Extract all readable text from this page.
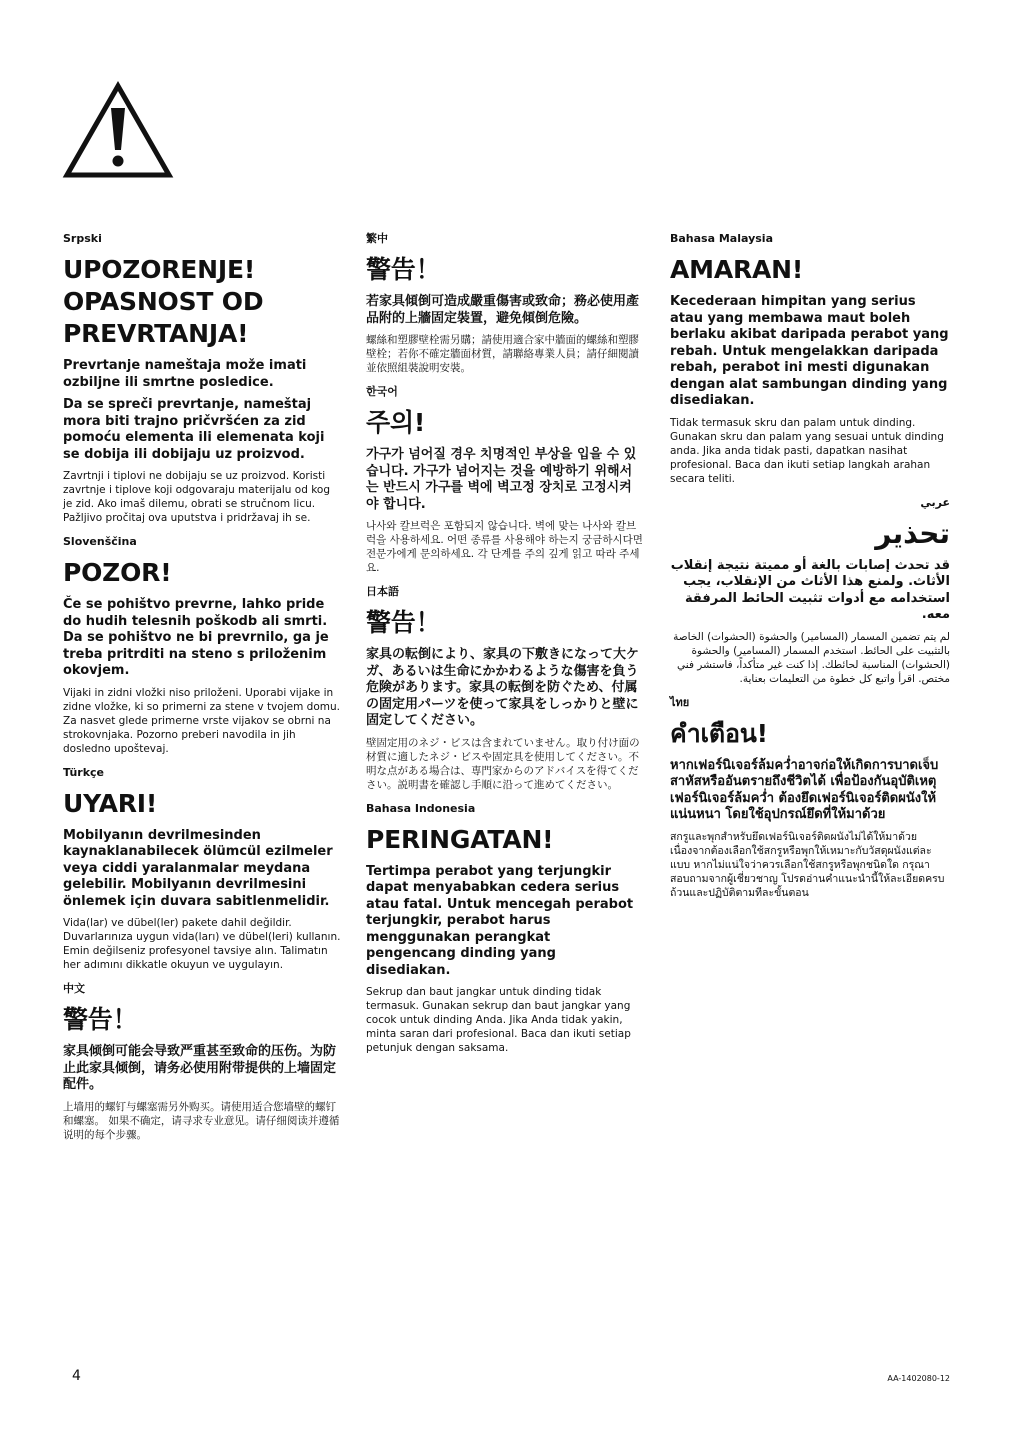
Srpski
UPOZORENJE! OPASNOST OD PREVRTANJA!
Prevrtanje nameštaja može imati ozbiljne ili smrtne posledice.
Da se spreči prevrtanje, nameštaj mora biti trajno pričvršćen za zid pomoću elementa ili elemenata koji se dobija ili dobijaju uz proizvod.
Zavrtnji i tiplovi ne dobijaju se uz proizvod. Koristi zavrtnje i tiplove koji odgovaraju materijalu od kog je zid. Ako imaš dilemu, obrati se stručnom licu. Pažljivo pročitaj ova uputstva i pridržavaj ih se.
Slovenščina
POZOR!
Če se pohištvo prevrne, lahko pride do hudih telesnih poškodb ali smrti. Da se pohištvo ne bi prevrnilo, ga je treba pritrditi na steno s priloženim okovjem.
Vijaki in zidni vložki niso priloženi. Uporabi vijake in zidne vložke, ki so primerni za stene v tvojem domu. Za nasvet glede primerne vrste vijakov se obrni na strokovnjaka. Pozorno preberi navodila in jih dosledno upoštevaj.
Türkçe
UYARI!
Mobilyanın devrilmesinden kaynaklanabilecek ölümcül ezilmeler veya ciddi yaralanmalar meydana gelebilir. Mobilyanın devrilmesini önlemek için duvara sabitlenmelidir.
Vida(lar) ve dübel(ler) pakete dahil değildir. Duvarlarınıza uygun vida(ları) ve dübel(leri) kullanın. Emin değilseniz profesyonel tavsiye alın. Talimatın her adımını dikkatle okuyun ve uygulayın.
中文
警告！
家具倾倒可能会导致严重甚至致命的压伤。为防止此家具倾倒，请务必使用附带提供的上墙固定配件。
上墙用的螺钉与螺塞需另外购买。请使用适合您墙壁的螺钉和螺塞。 如果不确定，请寻求专业意见。请仔细阅读并遵循说明的每个步骤。
繁中
警告！
若家具傾倒可造成嚴重傷害或致命；務必使用產品附的上牆固定裝置，避免傾倒危險。
螺絲和塑膠壁栓需另購；請使用適合家中牆面的螺絲和塑膠壁栓；若你不確定牆面材質，請聯絡專業人員；請仔細閱讀並依照組裝說明安裝。
한국어
주의!
가구가 넘어질 경우 치명적인 부상을 입을 수 있습니다. 가구가 넘어지는 것을 예방하기 위해서는 반드시 가구를 벽에 벽고정 장치로 고정시켜야 합니다.
나사와 칼브럭은 포함되지 않습니다. 벽에 맞는 나사와 칼브럭을 사용하세요. 어떤 종류를 사용해야 하는지 궁금하시다면 전문가에게 문의하세요. 각 단계를 주의 깊게 읽고 따라 주세요.
日本語
警告！
家具の転倒により、家具の下敷きになって大ケガ、あるいは生命にかかわるような傷害を負う危険があります。家具の転倒を防ぐため、付属の固定用パーツを使って家具をしっかりと壁に固定してください。
壁固定用のネジ・ビスは含まれていません。取り付け面の材質に適したネジ・ビスや固定具を使用してください。不明な点がある場合は、専門家からのアドバイスを得てください。説明書を確認し手順に沿って進めてください。
Bahasa Indonesia
PERINGATAN!
Tertimpa perabot yang terjungkir dapat menyababkan cedera serius atau fatal. Untuk mencegah perabot terjungkir, perabot harus menggunakan perangkat pengencang dinding yang disediakan.
Sekrup dan baut jangkar untuk dinding tidak termasuk. Gunakan sekrup dan baut jangkar yang cocok untuk dinding Anda. Jika Anda tidak yakin, minta saran dari profesional. Baca dan ikuti setiap petunjuk dengan saksama.
Bahasa Malaysia
AMARAN!
Kecederaan himpitan yang serius atau yang membawa maut boleh berlaku akibat daripada perabot yang rebah. Untuk mengelakkan daripada rebah, perabot ini mesti digunakan dengan alat sambungan dinding yang disediakan.
Tidak termasuk skru dan palam untuk dinding. Gunakan skru dan palam yang sesuai untuk dinding anda. Jika anda tidak pasti, dapatkan nasihat profesional. Baca dan ikuti setiap langkah arahan secara teliti.
عربي
تحذير
قد تحدث إصابات بالغة أو مميتة نتيجة إنقلاب الأثاث. ولمنع هذا الأثاث من الإنقلاب، يجب استخدامه مع أدوات تثبيت الحائط المرفقة معه.
لم يتم تضمين المسمار (المسامير) والحشوة (الحشوات) الخاصة بالتثبيت على الحائط. استخدم المسمار (المسامير) والحشوة (الحشوات) المناسبة لحائطك. إذا كنت غير متأكداً، فاستشر فني مختص. اقرأ واتبع كل خطوة من التعليمات بعناية.
ไทย
คำเตือน!
หากเฟอร์นิเจอร์ล้มคว่ำอาจก่อให้เกิดการบาดเจ็บสาหัสหรืออันตรายถึงชีวิตได้ เพื่อป้องกันอุบัติเหตุเฟอร์นิเจอร์ล้มคว่ำ ต้องยึดเฟอร์นิเจอร์ติดผนังให้แน่นหนา โดยใช้อุปกรณ์ยึดที่ให้มาด้วย
สกรูและพุกสำหรับยึดเฟอร์นิเจอร์ติดผนังไม่ได้ให้มาด้วย เนื่องจากต้องเลือกใช้สกรูหรือพุกให้เหมาะกับวัสดุผนังแต่ละแบบ หากไม่แน่ใจว่าควรเลือกใช้สกรูหรือพุกชนิดใด กรุณาสอบถามจากผู้เชี่ยวชาญ โปรดอ่านคำแนะนำนี้ให้ละเอียดครบถ้วนและปฏิบัติตามทีละขั้นตอน
4	AA-1402080-12
